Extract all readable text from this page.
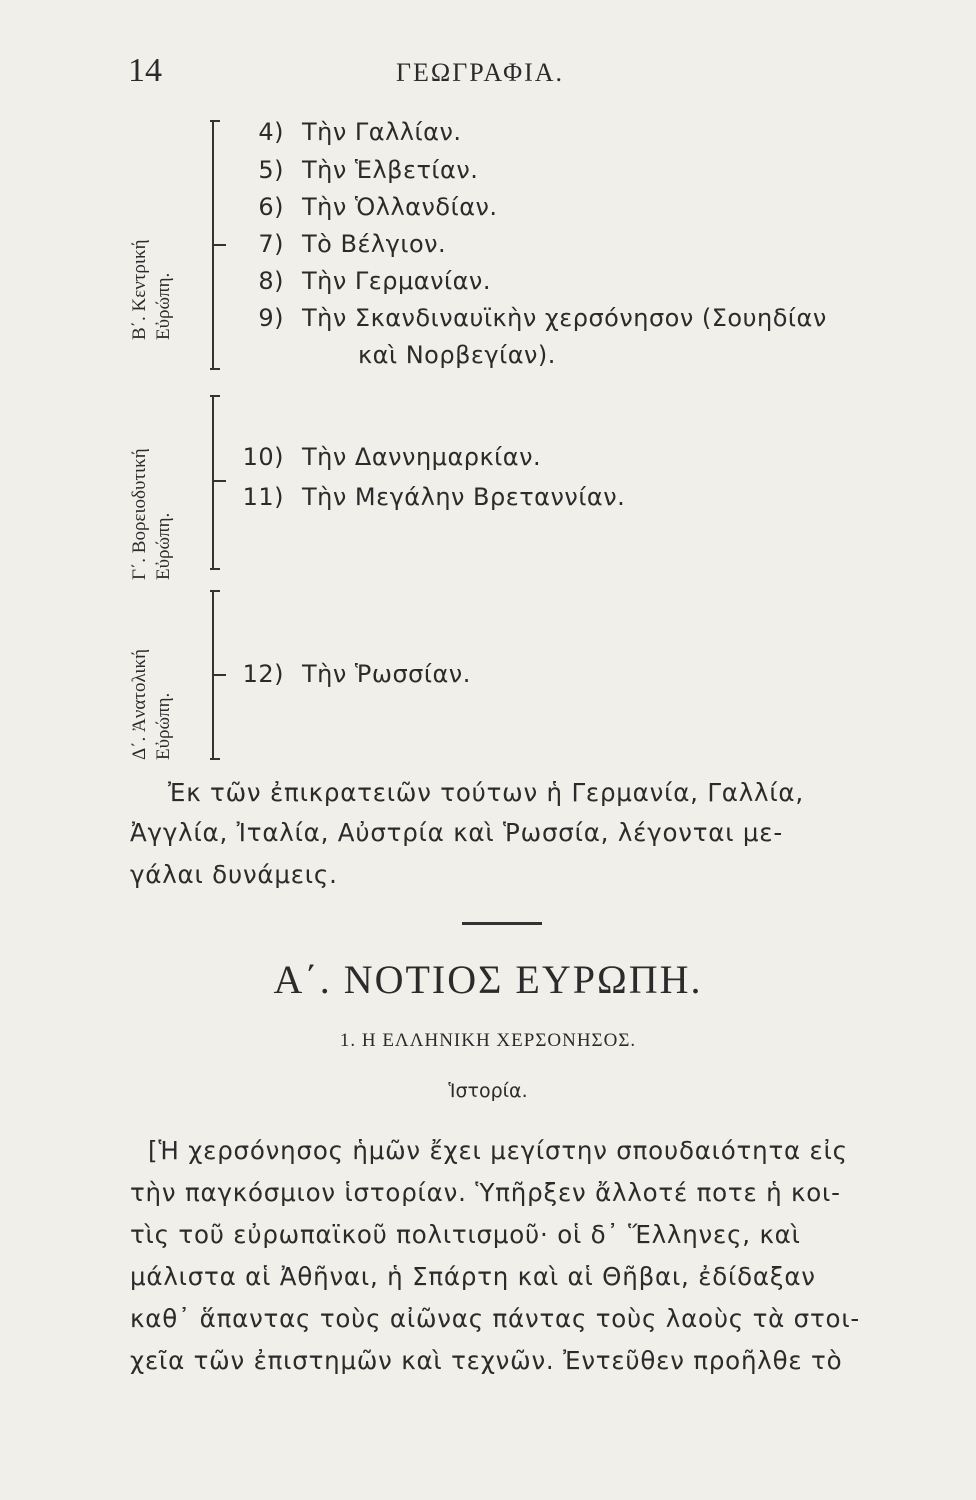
14	ΓΕΩΓΡΑΦΙΑ.
Β΄. Κεντρική Εὐρώπη.
4) Τὴν Γαλλίαν.
5) Τὴν Ἑλβετίαν.
6) Τὴν Ὁλλανδίαν.
7) Τὸ Βέλγιον.
8) Τὴν Γερμανίαν.
9) Τὴν Σκανδιναυϊκὴν χερσόνησον (Σουηδίαν
καὶ Νορβεγίαν).
Γ΄. Βορειοδυτική Εὐρώπη.
10) Τὴν Δαννημαρκίαν.
11) Τὴν Μεγάλην Βρεταννίαν.
Δ΄. Ἀνατολική Εὐρώπη.
12) Τὴν Ῥωσσίαν.
Ἐκ τῶν ἐπικρατειῶν τούτων ἡ Γερμανία, Γαλλία,
Ἀγγλία, Ἰταλία, Αὐστρία καὶ Ῥωσσία, λέγονται με-
γάλαι δυνάμεις.
Α΄. ΝΟΤΙΟΣ ΕΥΡΩΠΗ.
1. Η ΕΛΛΗΝΙΚΗ ΧΕΡΣΟΝΗΣΟΣ.
Ἱστορία.
[Ἡ χερσόνησος ἡμῶν ἔχει μεγίστην σπουδαιότητα εἰς
τὴν παγκόσμιον ἱστορίαν. Ὑπῆρξεν ἄλλοτέ ποτε ἡ κοι-
τὶς τοῦ εὐρωπαϊκοῦ πολιτισμοῦ· οἱ δ᾽ Ἕλληνες, καὶ
μάλιστα αἱ Ἀθῆναι, ἡ Σπάρτη καὶ αἱ Θῆβαι, ἐδίδαξαν
καθ᾽ ἅπαντας τοὺς αἰῶνας πάντας τοὺς λαοὺς τὰ στοι-
χεῖα τῶν ἐπιστημῶν καὶ τεχνῶν. Ἐντεῦθεν προῆλθε τὸ
